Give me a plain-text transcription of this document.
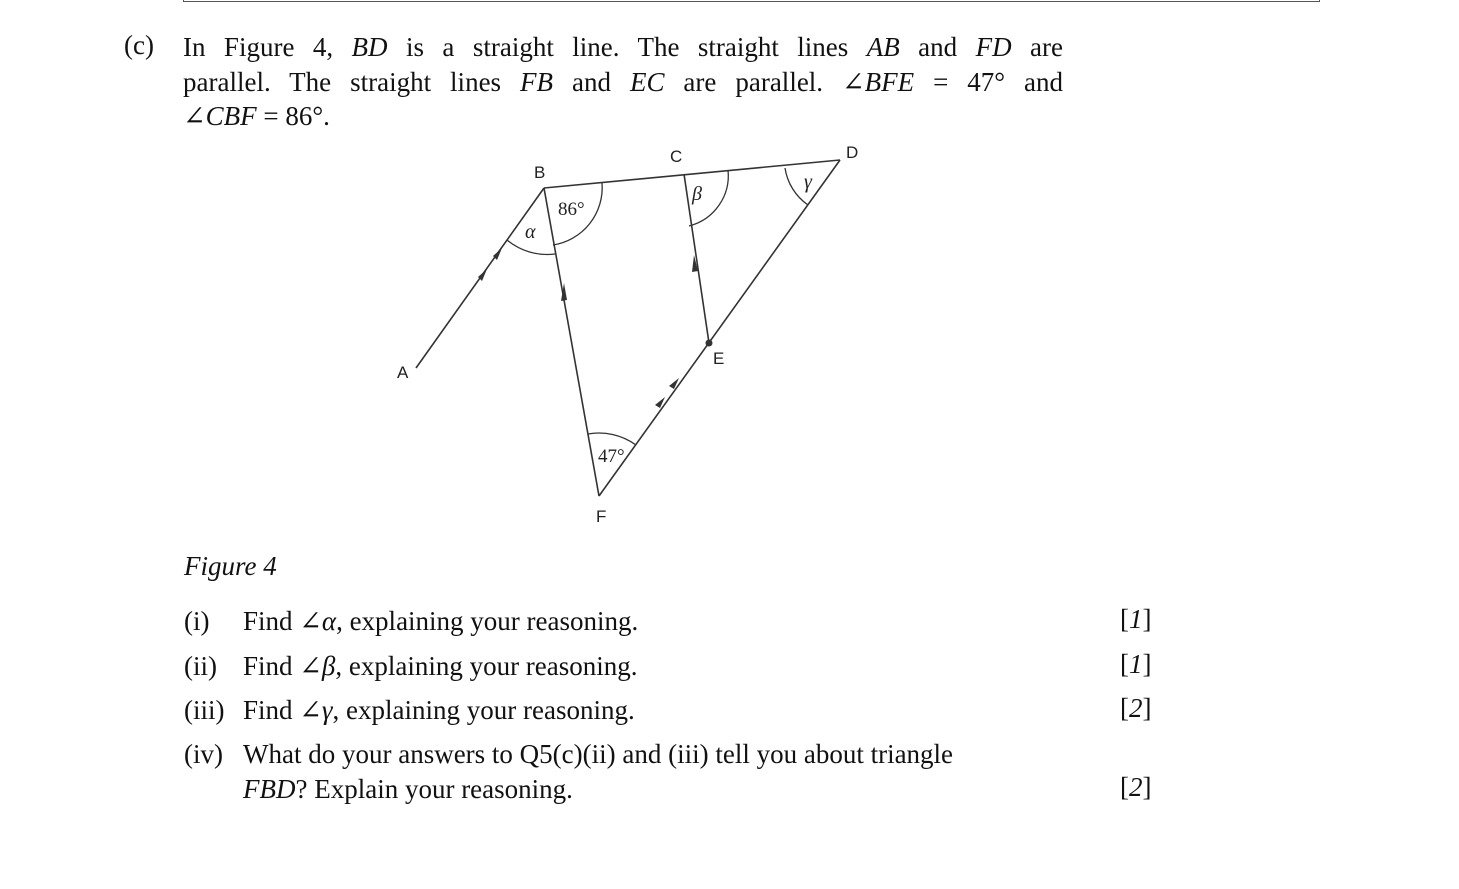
(c) In Figure 4, BD is a straight line. The straight lines AB and FD are
parallel. The straight lines FB and EC are parallel. ∠BFE = 47° and
∠CBF = 86°.
A
B
C	D
E
F
86°
47°
α
β
γ
Figure 4
(i) Find ∠α, explaining your reasoning.	[1]
(ii) Find ∠β, explaining your reasoning.	[1]
(iii) Find ∠γ, explaining your reasoning.	[2]
(iv) What do your answers to Q5(c)(ii) and (iii) tell you about triangle
FBD? Explain your reasoning.	[2]
